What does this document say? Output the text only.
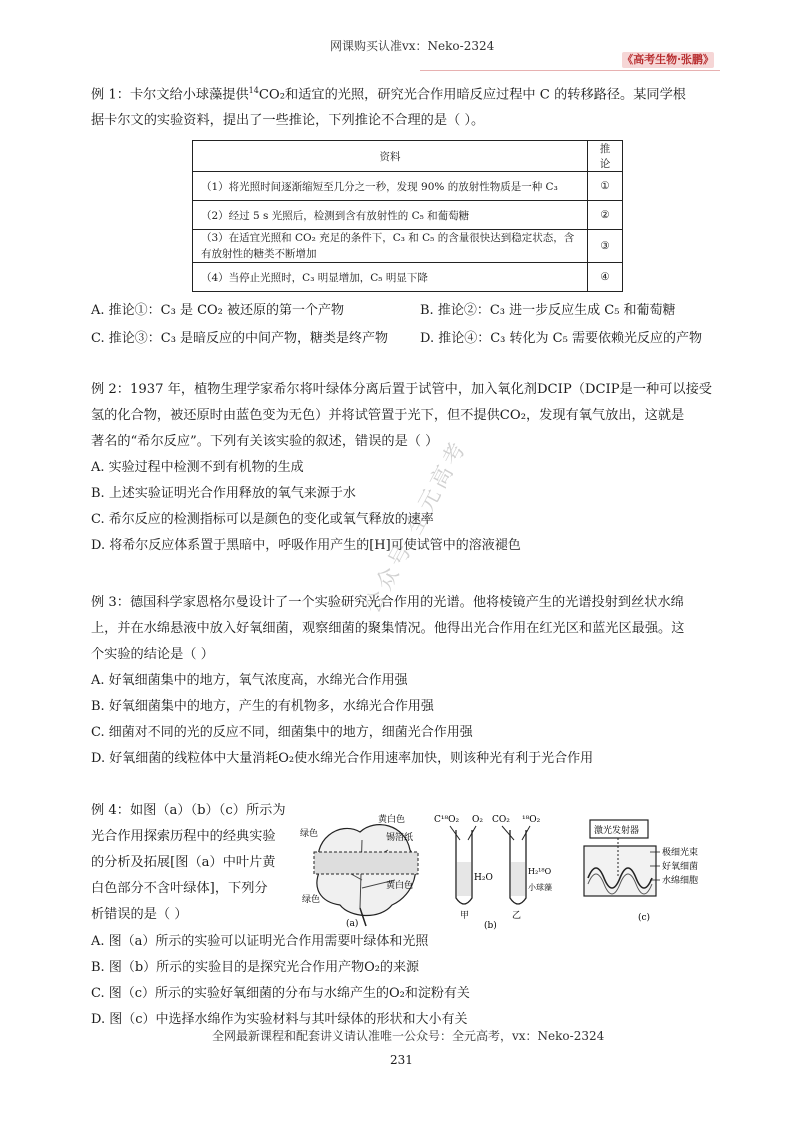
网课购买认准vx：Neko-2324
《高考生物·张鹏》

例 1：卡尔文给小球藻提供$^{14}$CO₂和适宜的光照，研究光合作用暗反应过程中 C 的转移路径。某同学根

据卡尔文的实验资料，提出了一些推论，下列推论不合理的是（ ）。

资料	推论
（1）将光照时间逐渐缩短至几分之一秒，发现 90% 的放射性物质是一种 C₃	①
（2）经过 5 s 光照后，检测到含有放射性的 C₅ 和葡萄糖	②
（3）在适宜光照和 CO₂ 充足的条件下，C₃ 和 C₅ 的含量很快达到稳定状态，含有放射性的糖类不断增加	③
（4）当停止光照时，C₃ 明显增加，C₅ 明显下降	④
A. 推论①：C₃ 是 CO₂ 被还原的第一个产物	B. 推论②：C₃ 进一步反应生成 C₅ 和葡萄糖
C. 推论③：C₃ 是暗反应的中间产物，糖类是终产物 D. 推论④：C₃ 转化为 C₅ 需要依赖光反应的产物

例 2：1937 年，植物生理学家希尔将叶绿体分离后置于试管中，加入氧化剂DCIP（DCIP是一种可以接受

氢的化合物，被还原时由蓝色变为无色）并将试管置于光下，但不提供CO₂，发现有氧气放出，这就是

著名的“希尔反应”。下列有关该实验的叙述，错误的是（ ）

A. 实验过程中检测不到有机物的生成

B. 上述实验证明光合作用释放的氧气来源于水

C. 希尔反应的检测指标可以是颜色的变化或氧气释放的速率

D. 将希尔反应体系置于黑暗中，呼吸作用产生的[H]可使试管中的溶液褪色

公众号 全元高考

例 3：德国科学家恩格尔曼设计了一个实验研究光合作用的光谱。他将棱镜产生的光谱投射到丝状水绵

上，并在水绵悬液中放入好氧细菌，观察细菌的聚集情况。他得出光合作用在红光区和蓝光区最强。这

个实验的结论是（ ）

A. 好氧细菌集中的地方，氧气浓度高，水绵光合作用强

B. 好氧细菌集中的地方，产生的有机物多，水绵光合作用强

C. 细菌对不同的光的反应不同，细菌集中的地方，细菌光合作用强

D. 好氧细菌的线粒体中大量消耗O₂使水绵光合作用速率加快，则该种光有利于光合作用

例 4：如图（a）（b）（c）所示为

光合作用探索历程中的经典实验

的分析及拓展[图（a）中叶片黄

白色部分不含叶绿体]，下列分

析错误的是（ ）

绿色
黄白色
锡箔纸
黄白色
绿色
(a)
C¹⁸O₂ O₂ CO₂ ¹⁸O₂
H₂O
H₂¹⁸O
小球藻
甲	乙
(b)
激光发射器
极细光束
好氧细菌
水绵细胞
(c)

A. 图（a）所示的实验可以证明光合作用需要叶绿体和光照

B. 图（b）所示的实验目的是探究光合作用产物O₂的来源

C. 图（c）所示的实验好氧细菌的分布与水绵产生的O₂和淀粉有关

D. 图（c）中选择水绵作为实验材料与其叶绿体的形状和大小有关

全网最新课程和配套讲义请认准唯一公众号：全元高考，vx：Neko-2324
231
